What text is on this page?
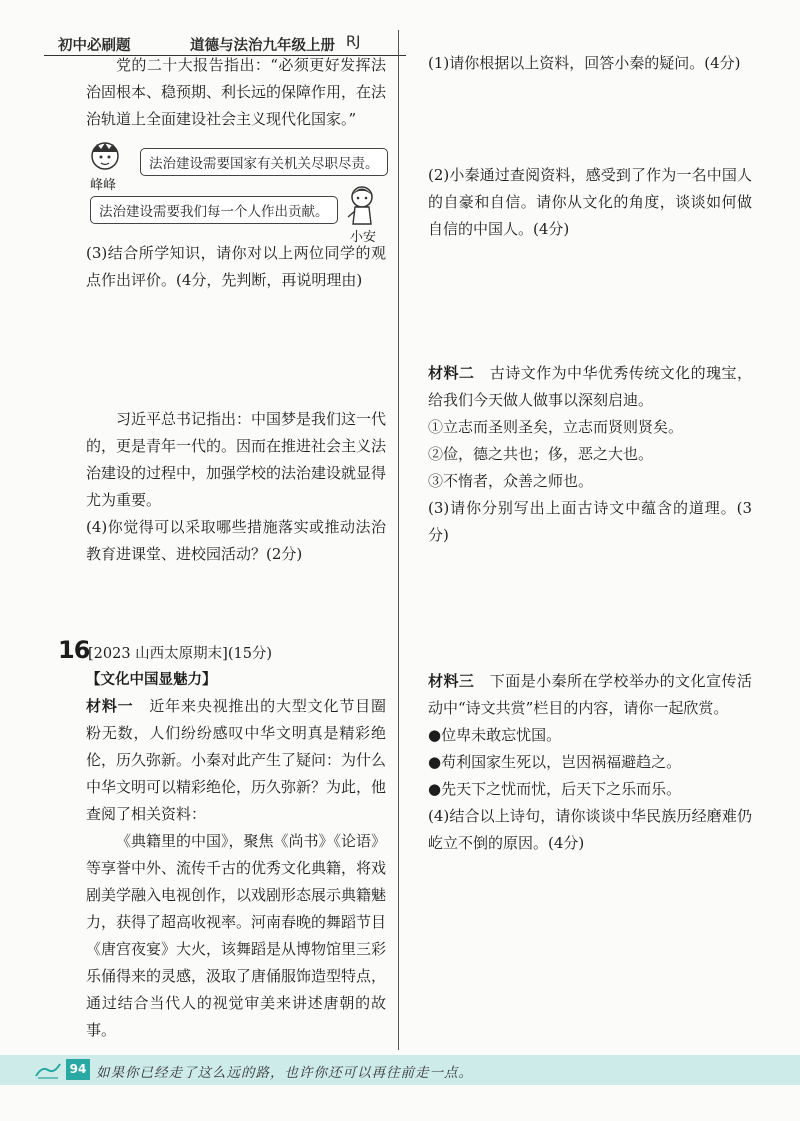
初中必刷题	道德与法治九年级上册 RJ

党的二十大报告指出：“必须更好发挥法治固根本、稳预期、利长远的保障作用，在法治轨道上全面建设社会主义现代化国家。”

峰峰
法治建设需要国家有关机关尽职尽责。
法治建设需要我们每一个人作出贡献。
小安

(3)结合所学知识，请你对以上两位同学的观点作出评价。(4分，先判断，再说明理由)

习近平总书记指出：中国梦是我们这一代的，更是青年一代的。因而在推进社会主义法治建设的过程中，加强学校的法治建设就显得尤为重要。

(4)你觉得可以采取哪些措施落实或推动法治教育进课堂、进校园活动？(2分)

16
[2023 山西太原期末](15分)
【文化中国显魅力】

材料一　 近年来央视推出的大型文化节目圈粉无数，人们纷纷感叹中华文明真是精彩绝伦，历久弥新。小秦对此产生了疑问：为什么中华文明可以精彩绝伦，历久弥新？为此，他查阅了相关资料：

《典籍里的中国》，聚焦《尚书》《论语》等享誉中外、流传千古的优秀文化典籍，将戏剧美学融入电视创作，以戏剧形态展示典籍魅力，获得了超高收视率。河南春晚的舞蹈节目《唐宫夜宴》大火，该舞蹈是从博物馆里三彩乐俑得来的灵感，汲取了唐俑服饰造型特点，通过结合当代人的视觉审美来讲述唐朝的故事。

(1)请你根据以上资料，回答小秦的疑问。(4分)

(2)小秦通过查阅资料，感受到了作为一名中国人的自豪和自信。请你从文化的角度，谈谈如何做自信的中国人。(4分)

材料二　 古诗文作为中华优秀传统文化的瑰宝，给我们今天做人做事以深刻启迪。

①立志而圣则圣矣，立志而贤则贤矣。

②俭，德之共也；侈，恶之大也。

③不惰者，众善之师也。

(3)请你分别写出上面古诗文中蕴含的道理。(3分)

材料三　 下面是小秦所在学校举办的文化宣传活动中“诗文共赏”栏目的内容，请你一起欣赏。

●位卑未敢忘忧国。

●苟利国家生死以，岂因祸福避趋之。

●先天下之忧而忧，后天下之乐而乐。

(4)结合以上诗句，请你谈谈中华民族历经磨难仍屹立不倒的原因。(4分)

94 如果你已经走了这么远的路，也许你还可以再往前走一点。
